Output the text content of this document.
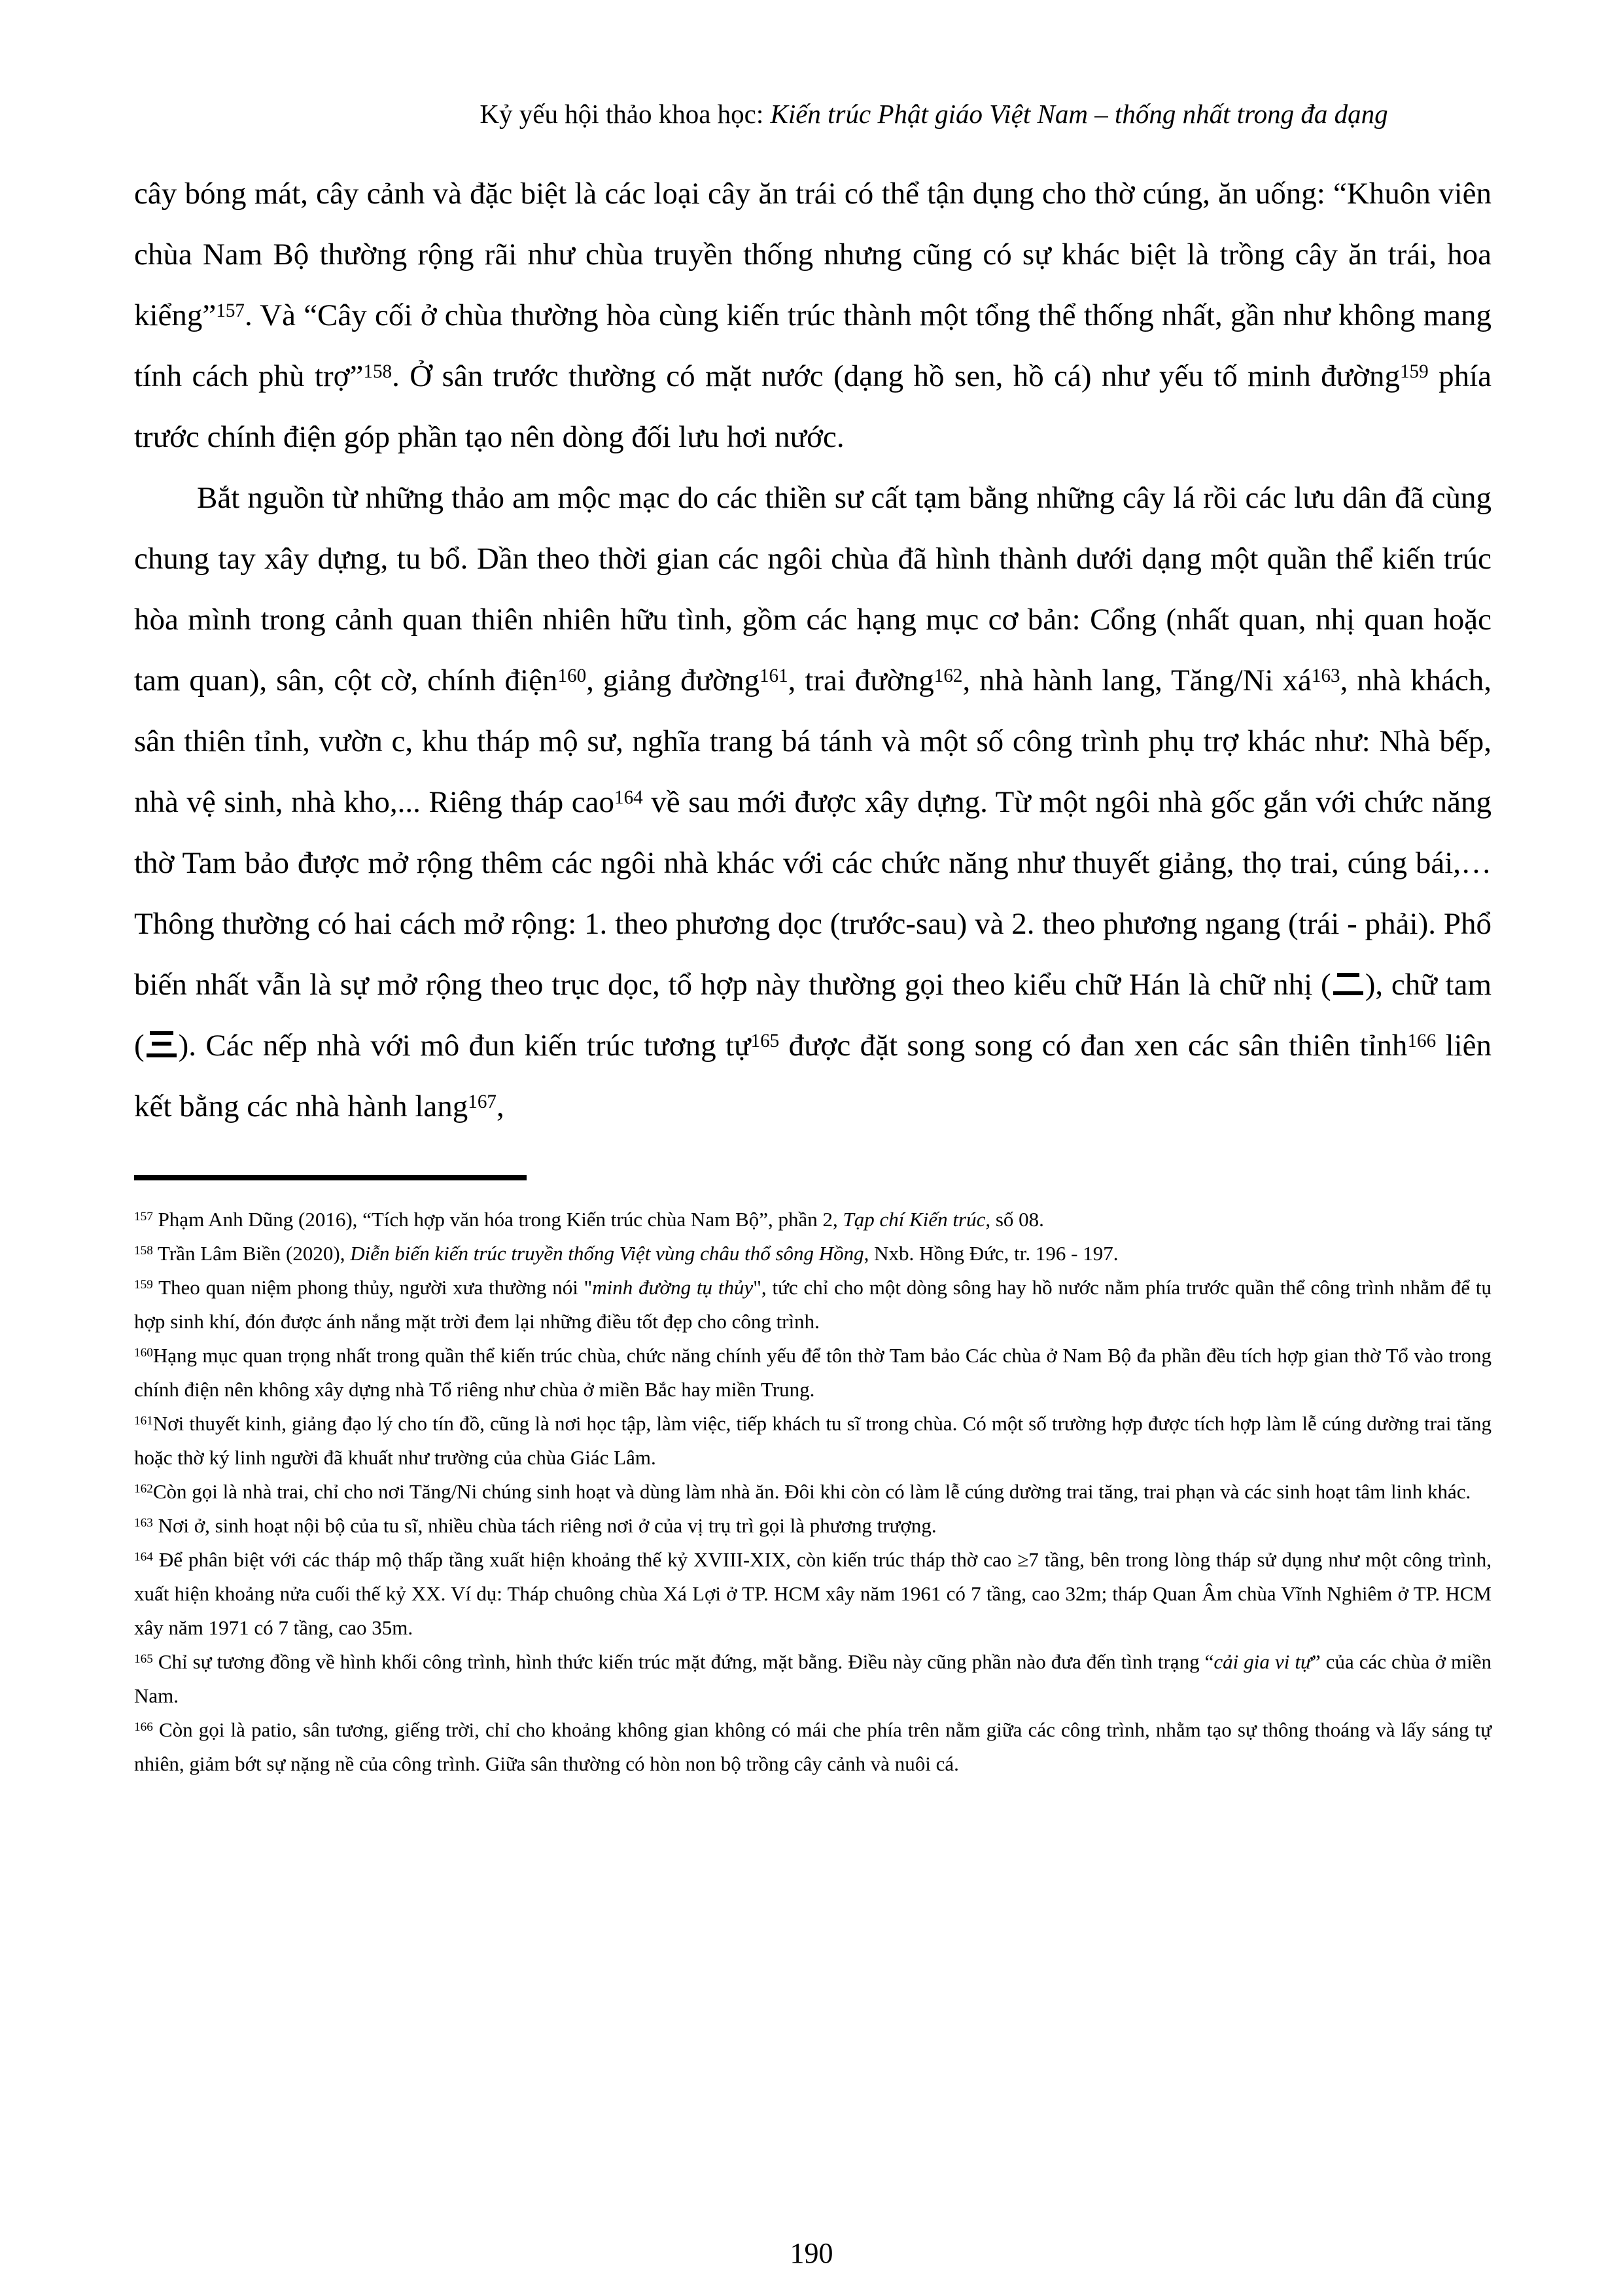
Kỷ yếu hội thảo khoa học: Kiến trúc Phật giáo Việt Nam – thống nhất trong đa dạng

cây bóng mát, cây cảnh và đặc biệt là các loại cây ăn trái có thể tận dụng cho thờ cúng, ăn uống: “Khuôn viên chùa Nam Bộ thường rộng rãi như chùa truyền thống nhưng cũng có sự khác biệt là trồng cây ăn trái, hoa kiểng”$^{157}$. Và “Cây cối ở chùa thường hòa cùng kiến trúc thành một tổng thể thống nhất, gần như không mang tính cách phù trợ”$^{158}$. Ở sân trước thường có mặt nước (dạng hồ sen, hồ cá) như yếu tố minh đường$^{159}$ phía trước chính điện góp phần tạo nên dòng đối lưu hơi nước.

Bắt nguồn từ những thảo am mộc mạc do các thiền sư cất tạm bằng những cây lá rồi các lưu dân đã cùng chung tay xây dựng, tu bổ. Dần theo thời gian các ngôi chùa đã hình thành dưới dạng một quần thể kiến trúc hòa mình trong cảnh quan thiên nhiên hữu tình, gồm các hạng mục cơ bản: Cổng (nhất quan, nhị quan hoặc tam quan), sân, cột cờ, chính điện$^{160}$, giảng đường$^{161}$, trai đường$^{162}$, nhà hành lang, Tăng/Ni xá$^{163}$, nhà khách, sân thiên tỉnh, vườn c, khu tháp mộ sư, nghĩa trang bá tánh và một số công trình phụ trợ khác như: Nhà bếp, nhà vệ sinh, nhà kho,... Riêng tháp cao$^{164}$ về sau mới được xây dựng. Từ một ngôi nhà gốc gắn với chức năng thờ Tam bảo được mở rộng thêm các ngôi nhà khác với các chức năng như thuyết giảng, thọ trai, cúng bái,… Thông thường có hai cách mở rộng: 1. theo phương dọc (trước-sau) và 2. theo phương ngang (trái - phải). Phổ biến nhất vẫn là sự mở rộng theo trục dọc, tổ hợp này thường gọi theo kiểu chữ Hán là chữ nhị ( ), chữ tam ( ). Các nếp nhà với mô đun kiến trúc tương tự$^{165}$ được đặt song song có đan xen các sân thiên tỉnh$^{166}$ liên kết bằng các nhà hành lang$^{167}$,

$^{157}$ Phạm Anh Dũng (2016), “Tích hợp văn hóa trong Kiến trúc chùa Nam Bộ”, phần 2, Tạp chí Kiến trúc, số 08.
$^{158}$ Trần Lâm Biền (2020), Diễn biến kiến trúc truyền thống Việt vùng châu thổ sông Hồng, Nxb. Hồng Đức, tr. 196 - 197.
$^{159}$ Theo quan niệm phong thủy, người xưa thường nói "minh đường tụ thủy", tức chỉ cho một dòng sông hay hồ nước nằm phía trước quần thể công trình nhằm để tụ hợp sinh khí, đón được ánh nắng mặt trời đem lại những điều tốt đẹp cho công trình.
$^{160}$Hạng mục quan trọng nhất trong quần thể kiến trúc chùa, chức năng chính yếu để tôn thờ Tam bảo Các chùa ở Nam Bộ đa phần đều tích hợp gian thờ Tổ vào trong chính điện nên không xây dựng nhà Tổ riêng như chùa ở miền Bắc hay miền Trung.
$^{161}$Nơi thuyết kinh, giảng đạo lý cho tín đồ, cũng là nơi học tập, làm việc, tiếp khách tu sĩ trong chùa. Có một số trường hợp được tích hợp làm lễ cúng dường trai tăng hoặc thờ ký linh người đã khuất như trường của chùa Giác Lâm.
$^{162}$Còn gọi là nhà trai, chỉ cho nơi Tăng/Ni chúng sinh hoạt và dùng làm nhà ăn. Đôi khi còn có làm lễ cúng dường trai tăng, trai phạn và các sinh hoạt tâm linh khác.
$^{163}$ Nơi ở, sinh hoạt nội bộ của tu sĩ, nhiều chùa tách riêng nơi ở của vị trụ trì gọi là phương trượng.
$^{164}$ Để phân biệt với các tháp mộ thấp tầng xuất hiện khoảng thế kỷ XVIII-XIX, còn kiến trúc tháp thờ cao ≥7 tầng, bên trong lòng tháp sử dụng như một công trình, xuất hiện khoảng nửa cuối thế kỷ XX. Ví dụ: Tháp chuông chùa Xá Lợi ở TP. HCM xây năm 1961 có 7 tầng, cao 32m; tháp Quan Âm chùa Vĩnh Nghiêm ở TP. HCM xây năm 1971 có 7 tầng, cao 35m.
$^{165}$ Chỉ sự tương đồng về hình khối công trình, hình thức kiến trúc mặt đứng, mặt bằng. Điều này cũng phần nào đưa đến tình trạng “cải gia vi tự” của các chùa ở miền Nam.
$^{166}$ Còn gọi là patio, sân tương, giếng trời, chỉ cho khoảng không gian không có mái che phía trên nằm giữa các công trình, nhằm tạo sự thông thoáng và lấy sáng tự nhiên, giảm bớt sự nặng nề của công trình. Giữa sân thường có hòn non bộ trồng cây cảnh và nuôi cá.
190
